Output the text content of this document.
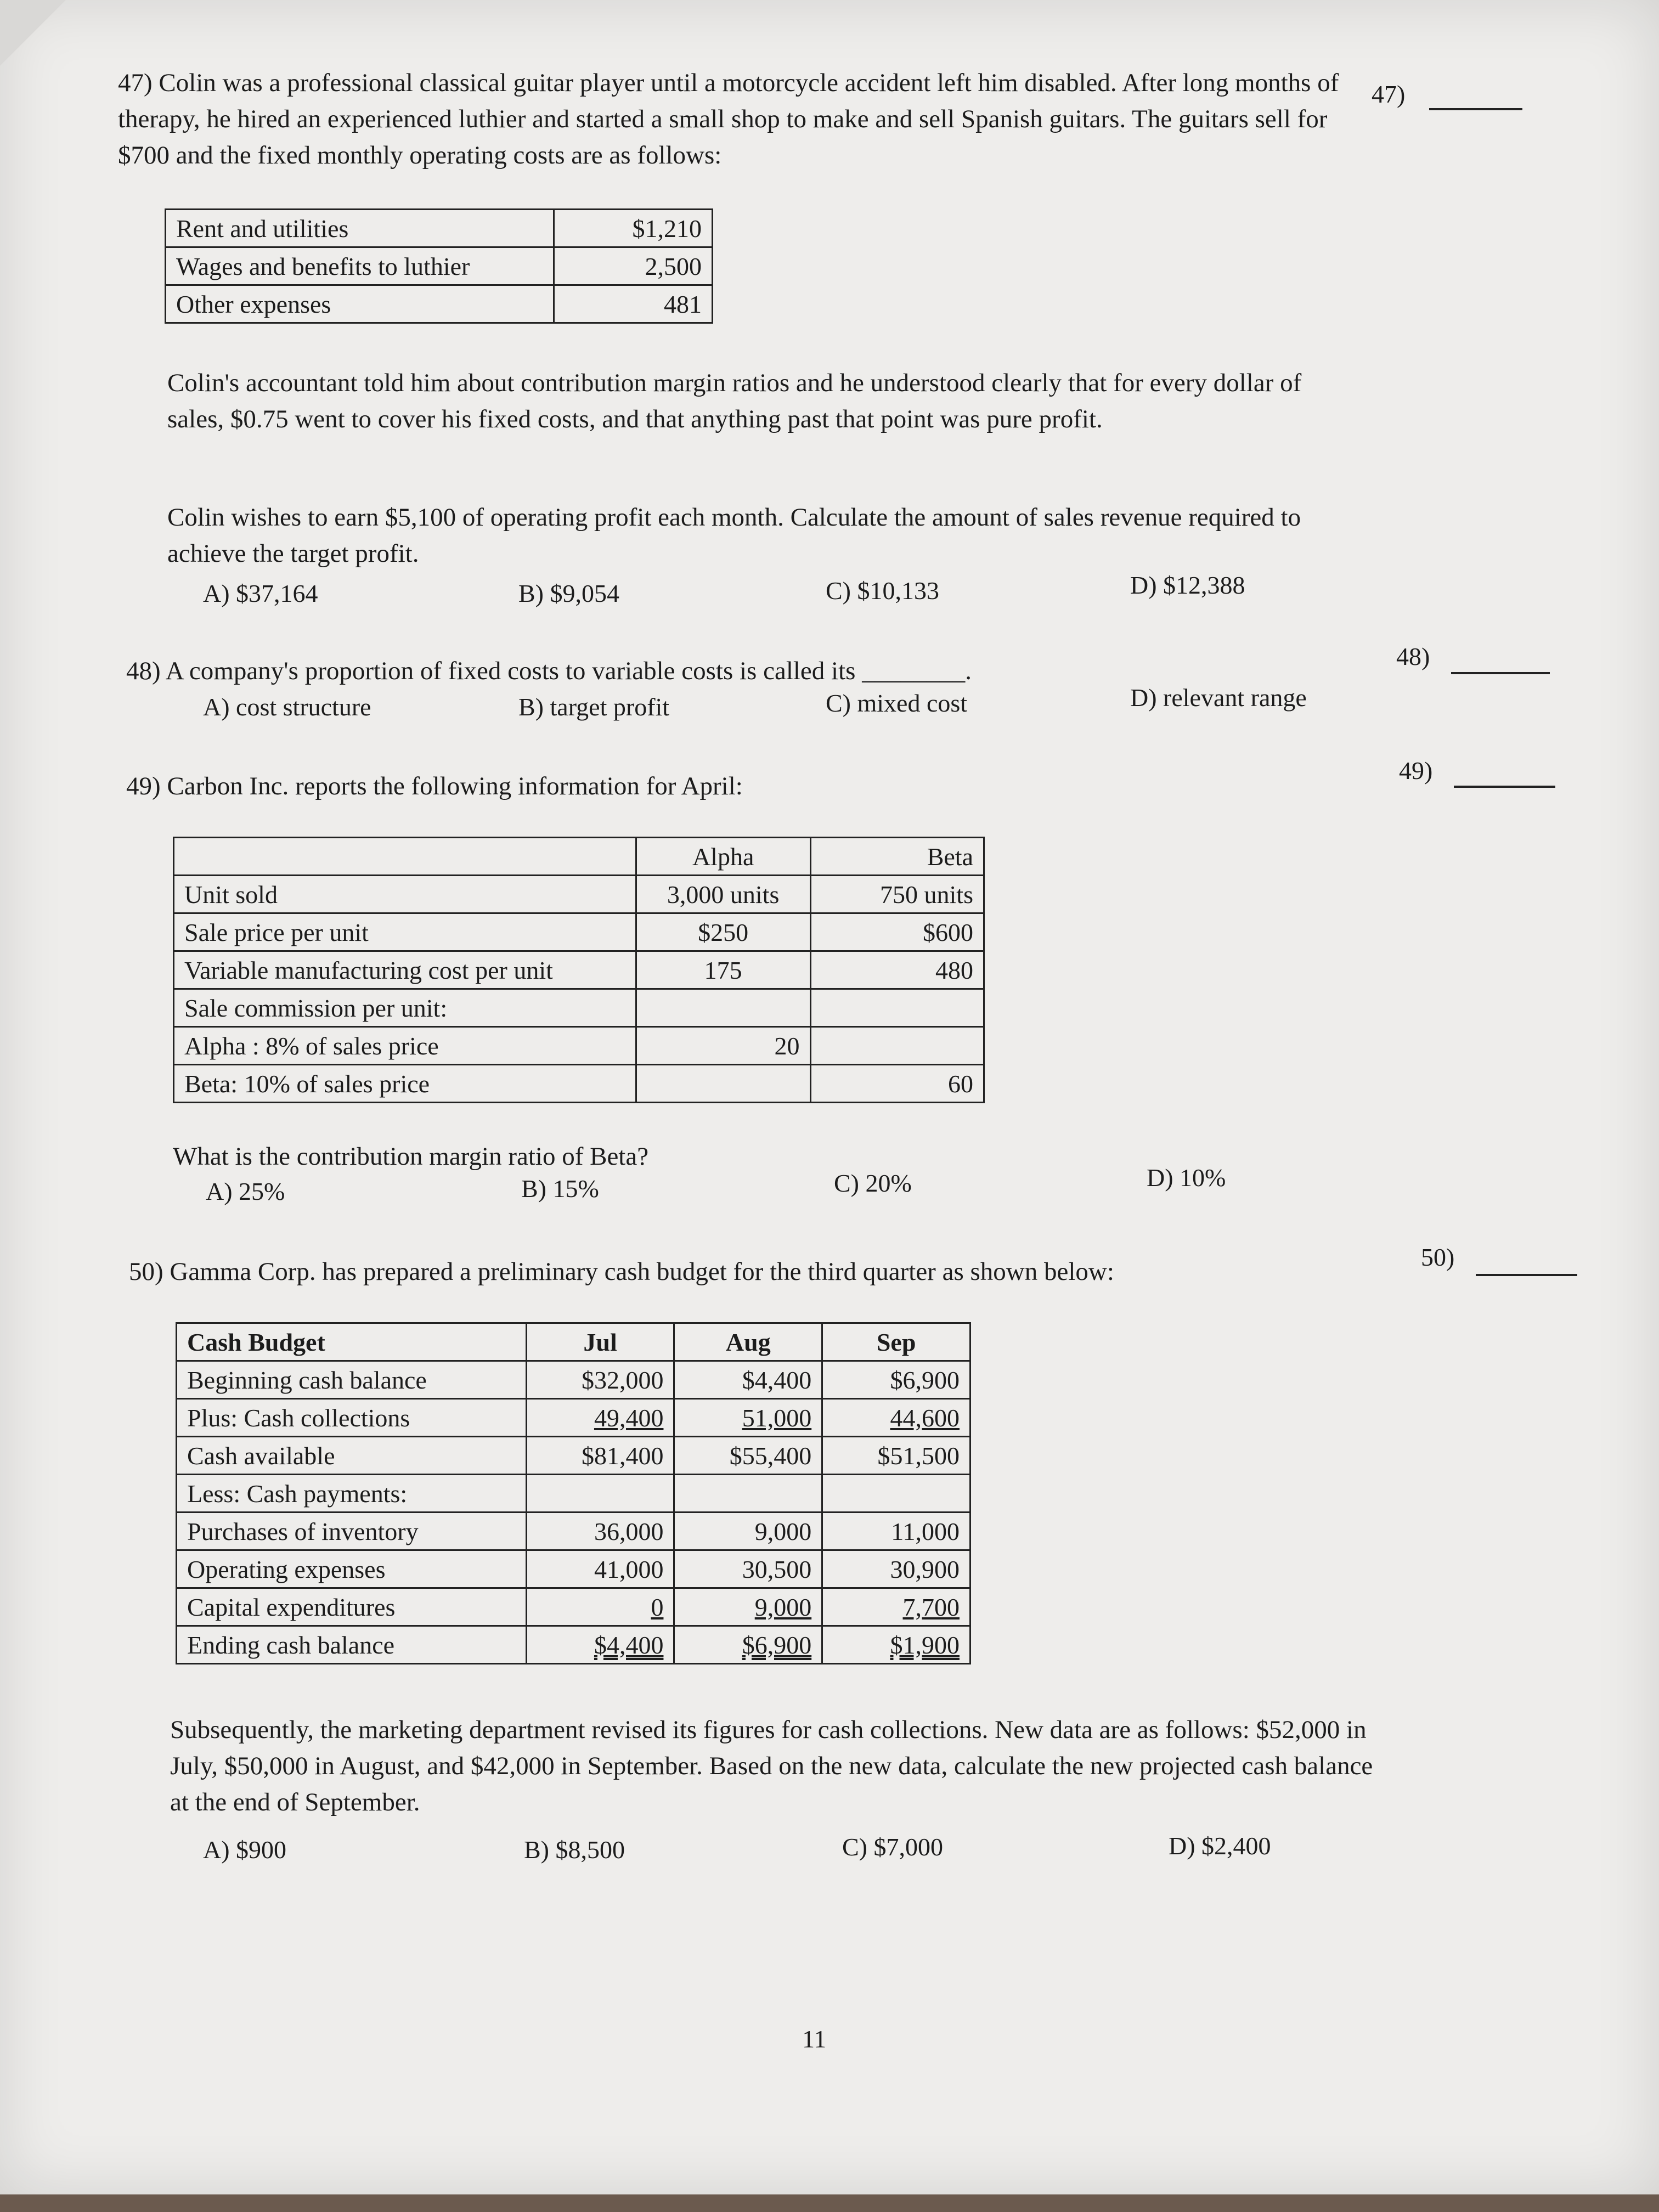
47) Colin was a professional classical guitar player until a motorcycle accident left him disabled. After long months of therapy, he hired an experienced luthier and started a small shop to make and sell Spanish guitars. The guitars sell for $700 and the fixed monthly operating costs are as follows:
47)
Rent and utilities	$1,210
Wages and benefits to luthier	2,500
Other expenses	481
Colin's accountant told him about contribution margin ratios and he understood clearly that for every dollar of sales, $0.75 went to cover his fixed costs, and that anything past that point was pure profit.
Colin wishes to earn $5,100 of operating profit each month. Calculate the amount of sales revenue required to achieve the target profit.
A) $37,164	B) $9,054	C) $10,133	D) $12,388
48) A company's proportion of fixed costs to variable costs is called its ________.
48)
A) cost structure	B) target profit	C) mixed cost	D) relevant range
49) Carbon Inc. reports the following information for April:
49)
	Alpha	Beta
Unit sold	3,000 units	750 units
Sale price per unit	$250	$600
Variable manufacturing cost per unit	175	480
Sale commission per unit:		
Alpha : 8% of sales price	20	
Beta: 10% of sales price		60
What is the contribution margin ratio of Beta?
A) 25%	B) 15%	C) 20%	D) 10%
50) Gamma Corp. has prepared a preliminary cash budget for the third quarter as shown below:
50)
Cash Budget	Jul	Aug	Sep
Beginning cash balance	$32,000	$4,400	$6,900
Plus: Cash collections	49,400	51,000	44,600
Cash available	$81,400	$55,400	$51,500
Less: Cash payments:			
Purchases of inventory	36,000	9,000	11,000
Operating expenses	41,000	30,500	30,900
Capital expenditures	0	9,000	7,700
Ending cash balance	$4,400	$6,900	$1,900
Subsequently, the marketing department revised its figures for cash collections. New data are as follows: $52,000 in July, $50,000 in August, and $42,000 in September. Based on the new data, calculate the new projected cash balance at the end of September.
A) $900	B) $8,500	C) $7,000	D) $2,400
11
